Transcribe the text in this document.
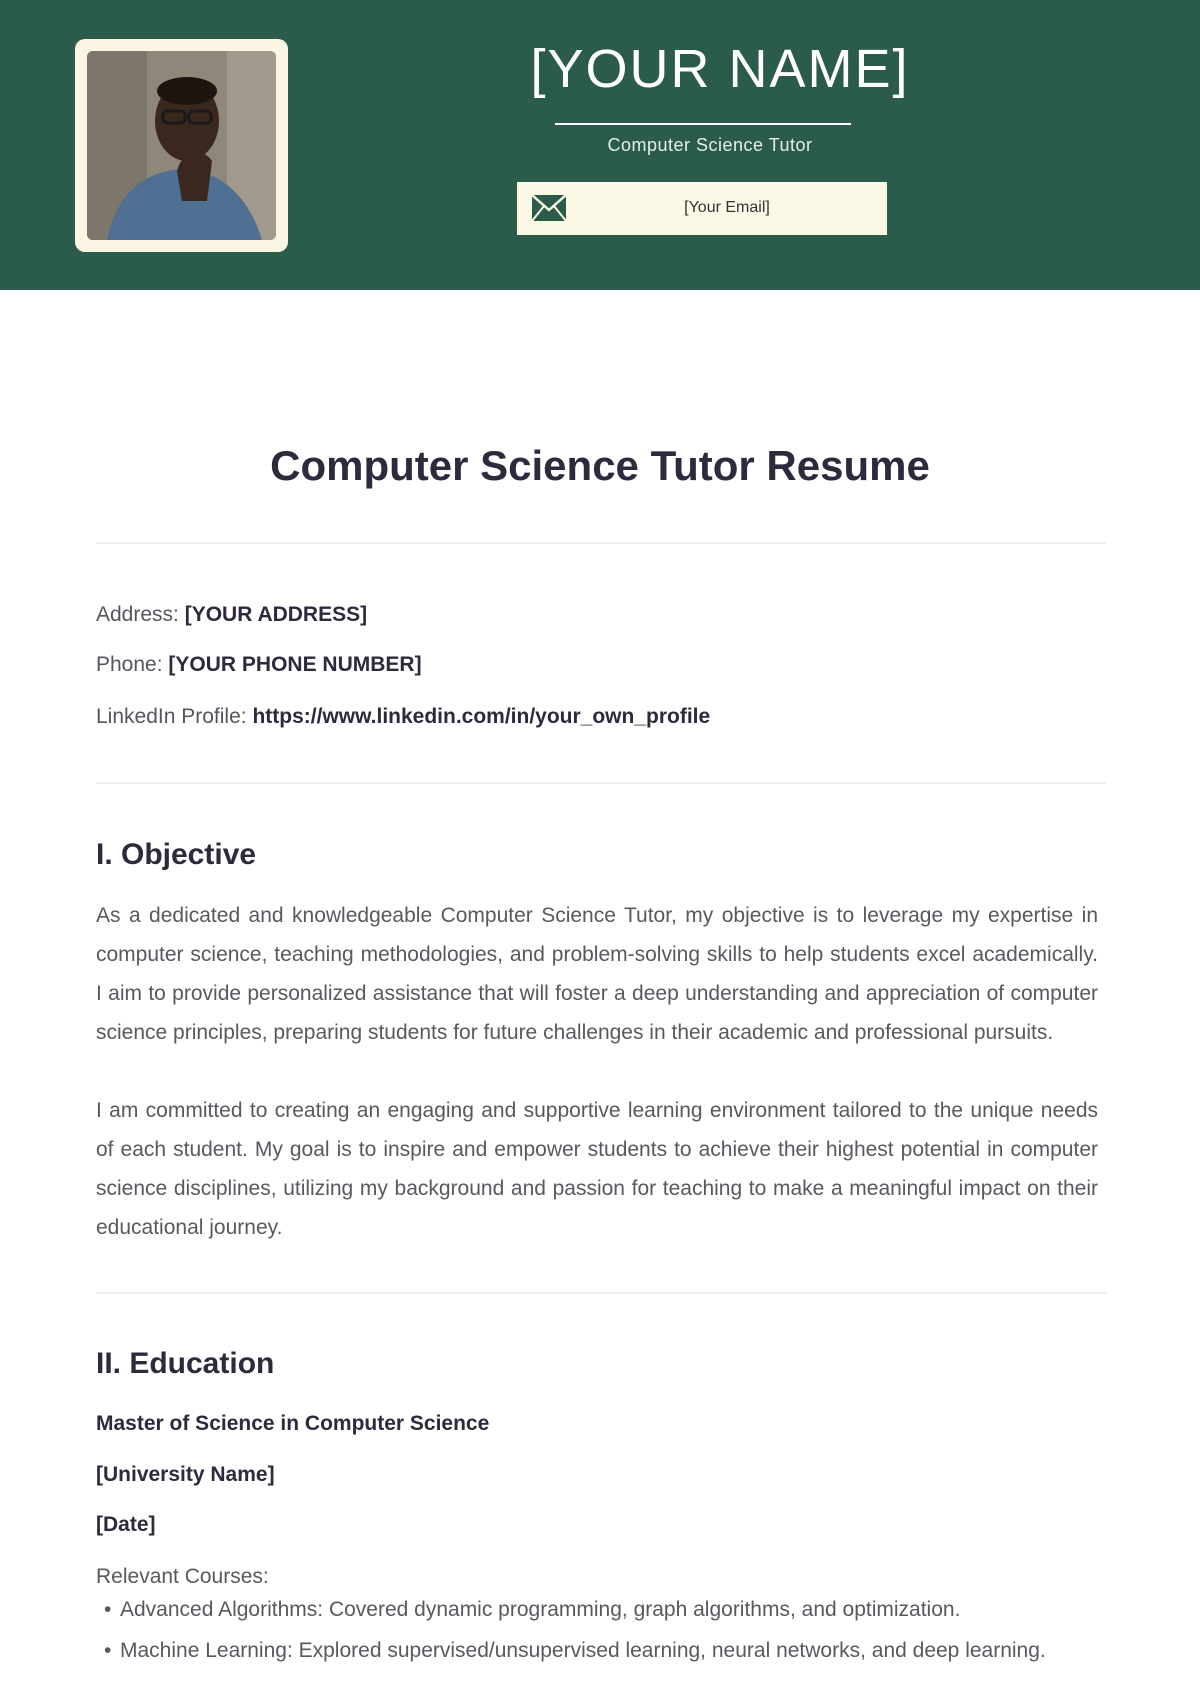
[YOUR NAME]
Computer Science Tutor
[Your Email]
Computer Science Tutor Resume
Address: [YOUR ADDRESS]
Phone: [YOUR PHONE NUMBER]
LinkedIn Profile: https://www.linkedin.com/in/your_own_profile
I. Objective

As a dedicated and knowledgeable Computer Science Tutor, my objective is to leverage my expertise in computer science, teaching methodologies, and problem-solving skills to help students excel academically. I aim to provide personalized assistance that will foster a deep understanding and appreciation of computer science principles, preparing students for future challenges in their academic and professional pursuits.

I am committed to creating an engaging and supportive learning environment tailored to the unique needs of each student. My goal is to inspire and empower students to achieve their highest potential in computer science disciplines, utilizing my background and passion for teaching to make a meaningful impact on their educational journey.

II. Education
Master of Science in Computer Science
[University Name]
[Date]
Relevant Courses:
• Advanced Algorithms: Covered dynamic programming, graph algorithms, and optimization.
• Machine Learning: Explored supervised/unsupervised learning, neural networks, and deep learning.
